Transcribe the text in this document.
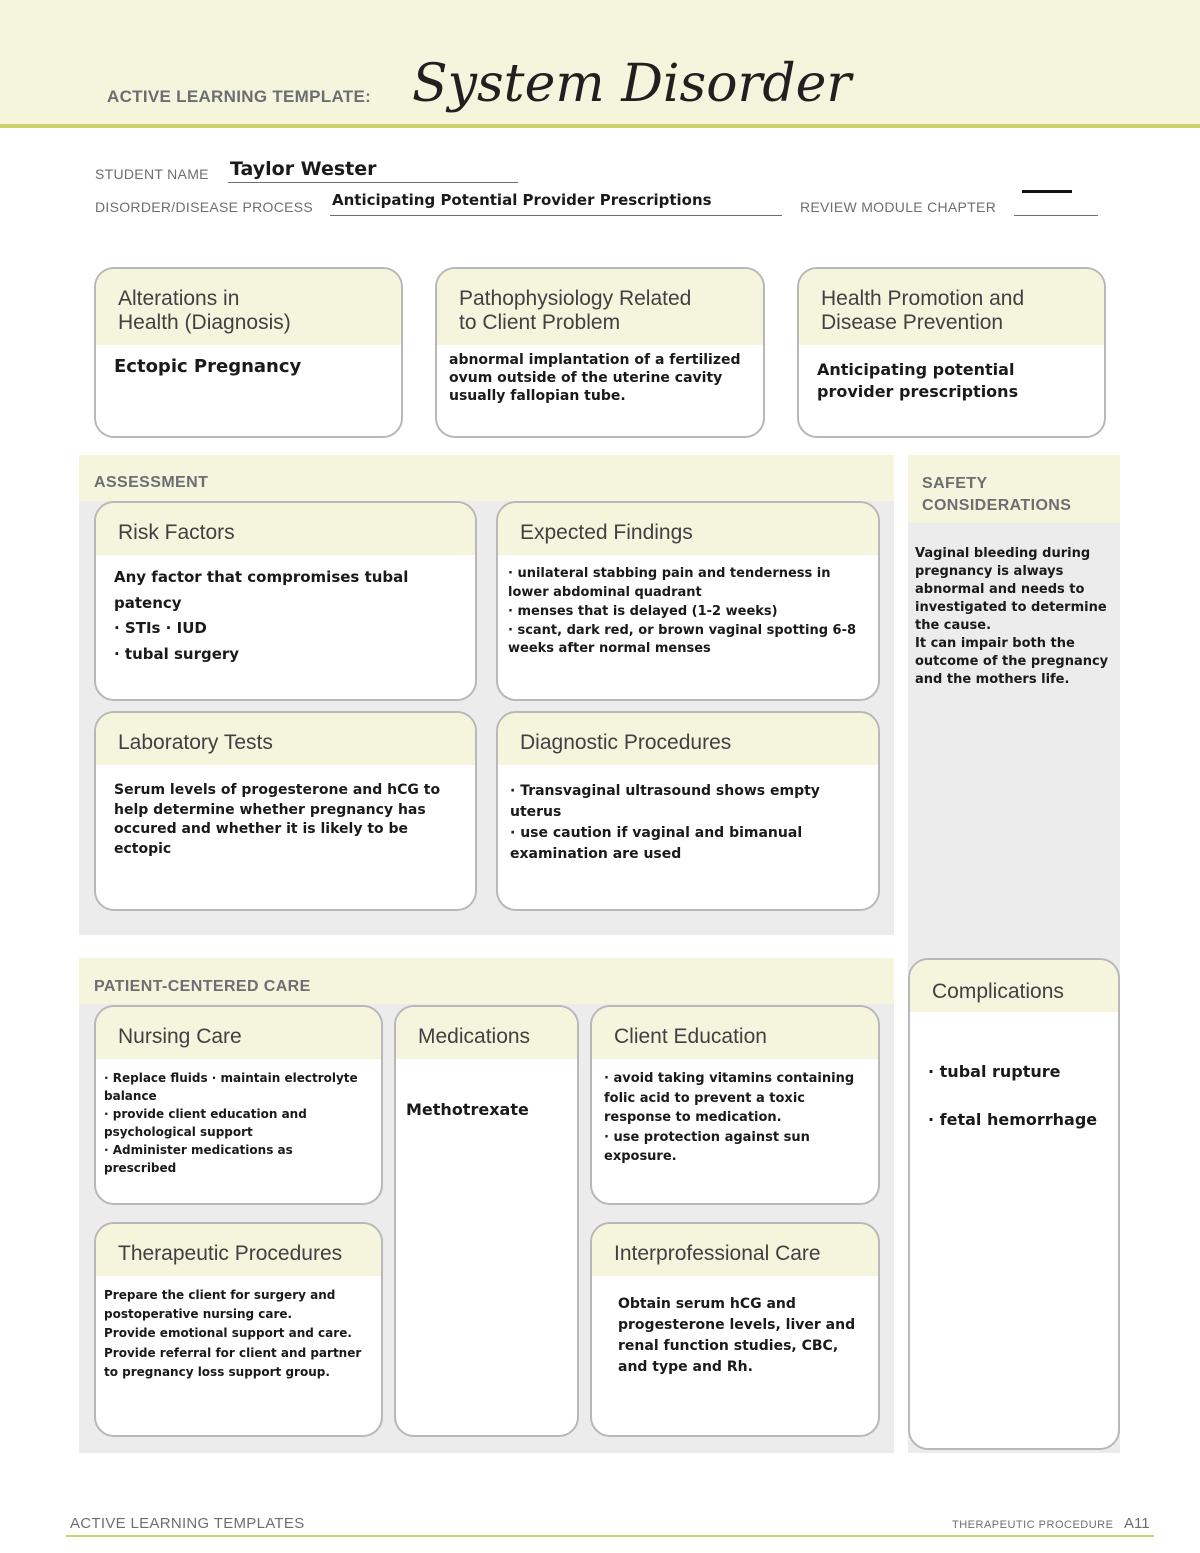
ACTIVE LEARNING TEMPLATE: System Disorder
STUDENT NAME Taylor Wester
DISORDER/DISEASE PROCESS Anticipating Potential Provider Prescriptions	REVIEW MODULE CHAPTER
Alterations in
Health (Diagnosis)
Ectopic Pregnancy
Pathophysiology Related
to Client Problem
abnormal implantation of a fertilized ovum outside of the uterine cavity usually fallopian tube.
Health Promotion and
Disease Prevention
Anticipating potential provider prescriptions
ASSESSMENT
Risk Factors
Any factor that compromises tubal patency
· STIs · IUD
· tubal surgery
Expected Findings
· unilateral stabbing pain and tenderness in lower abdominal quadrant
· menses that is delayed (1-2 weeks)
· scant, dark red, or brown vaginal spotting 6-8 weeks after normal menses
Laboratory Tests
Serum levels of progesterone and hCG to help determine whether pregnancy has occured and whether it is likely to be ectopic
Diagnostic Procedures
· Transvaginal ultrasound shows empty uterus
· use caution if vaginal and bimanual examination are used
SAFETY
CONSIDERATIONS
Vaginal bleeding during pregnancy is always abnormal and needs to investigated to determine the cause.
It can impair both the outcome of the pregnancy and the mothers life.
PATIENT-CENTERED CARE
Nursing Care
· Replace fluids · maintain electrolyte balance
· provide client education and psychological support
· Administer medications as prescribed
Medications
Methotrexate
Client Education
· avoid taking vitamins containing folic acid to prevent a toxic response to medication.
· use protection against sun exposure.
Therapeutic Procedures
Prepare the client for surgery and postoperative nursing care.
Provide emotional support and care.
Provide referral for client and partner to pregnancy loss support group.
Interprofessional Care
Obtain serum hCG and progesterone levels, liver and renal function studies, CBC, and type and Rh.
Complications
· tubal rupture
· fetal hemorrhage
ACTIVE LEARNING TEMPLATES	THERAPEUTIC PROCEDURE A11
